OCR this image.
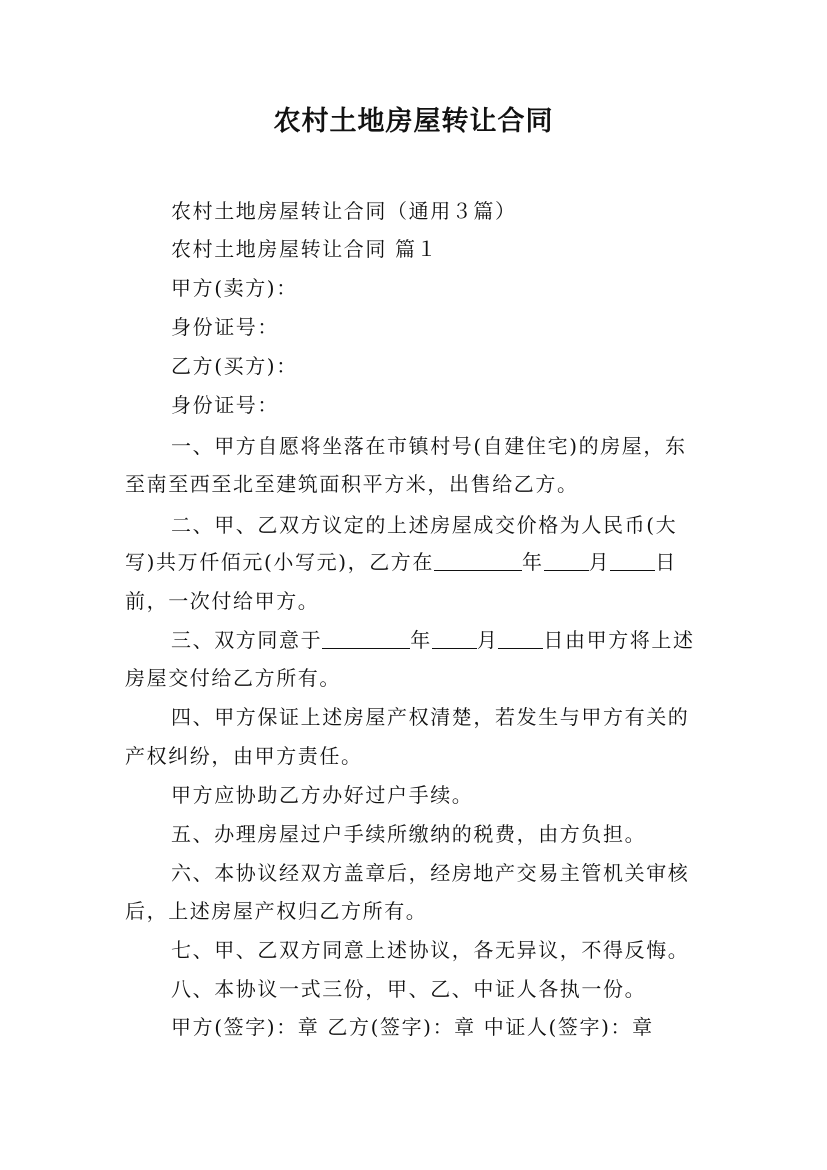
农村土地房屋转让合同
农村土地房屋转让合同（通用３篇）
农村土地房屋转让合同 篇１
甲方(卖方)：
身份证号：
乙方(买方)：
身份证号：
一、甲方自愿将坐落在市镇村号(自建住宅)的房屋，东
至南至西至北至建筑面积平方米，出售给乙方。
二、甲、乙双方议定的上述房屋成交价格为人民币(大
写)共万仟佰元(小写元)，乙方在	年 月 日
前，一次付给甲方。
三、双方同意于	年 月 日由甲方将上述
房屋交付给乙方所有。
四、甲方保证上述房屋产权清楚，若发生与甲方有关的
产权纠纷，由甲方责任。
甲方应协助乙方办好过户手续。
五、办理房屋过户手续所缴纳的税费，由方负担。
六、本协议经双方盖章后，经房地产交易主管机关审核
后，上述房屋产权归乙方所有。
七、甲、乙双方同意上述协议，各无异议，不得反悔。
八、本协议一式三份，甲、乙、中证人各执一份。
甲方(签字)：章 乙方(签字)：章 中证人(签字)：章
